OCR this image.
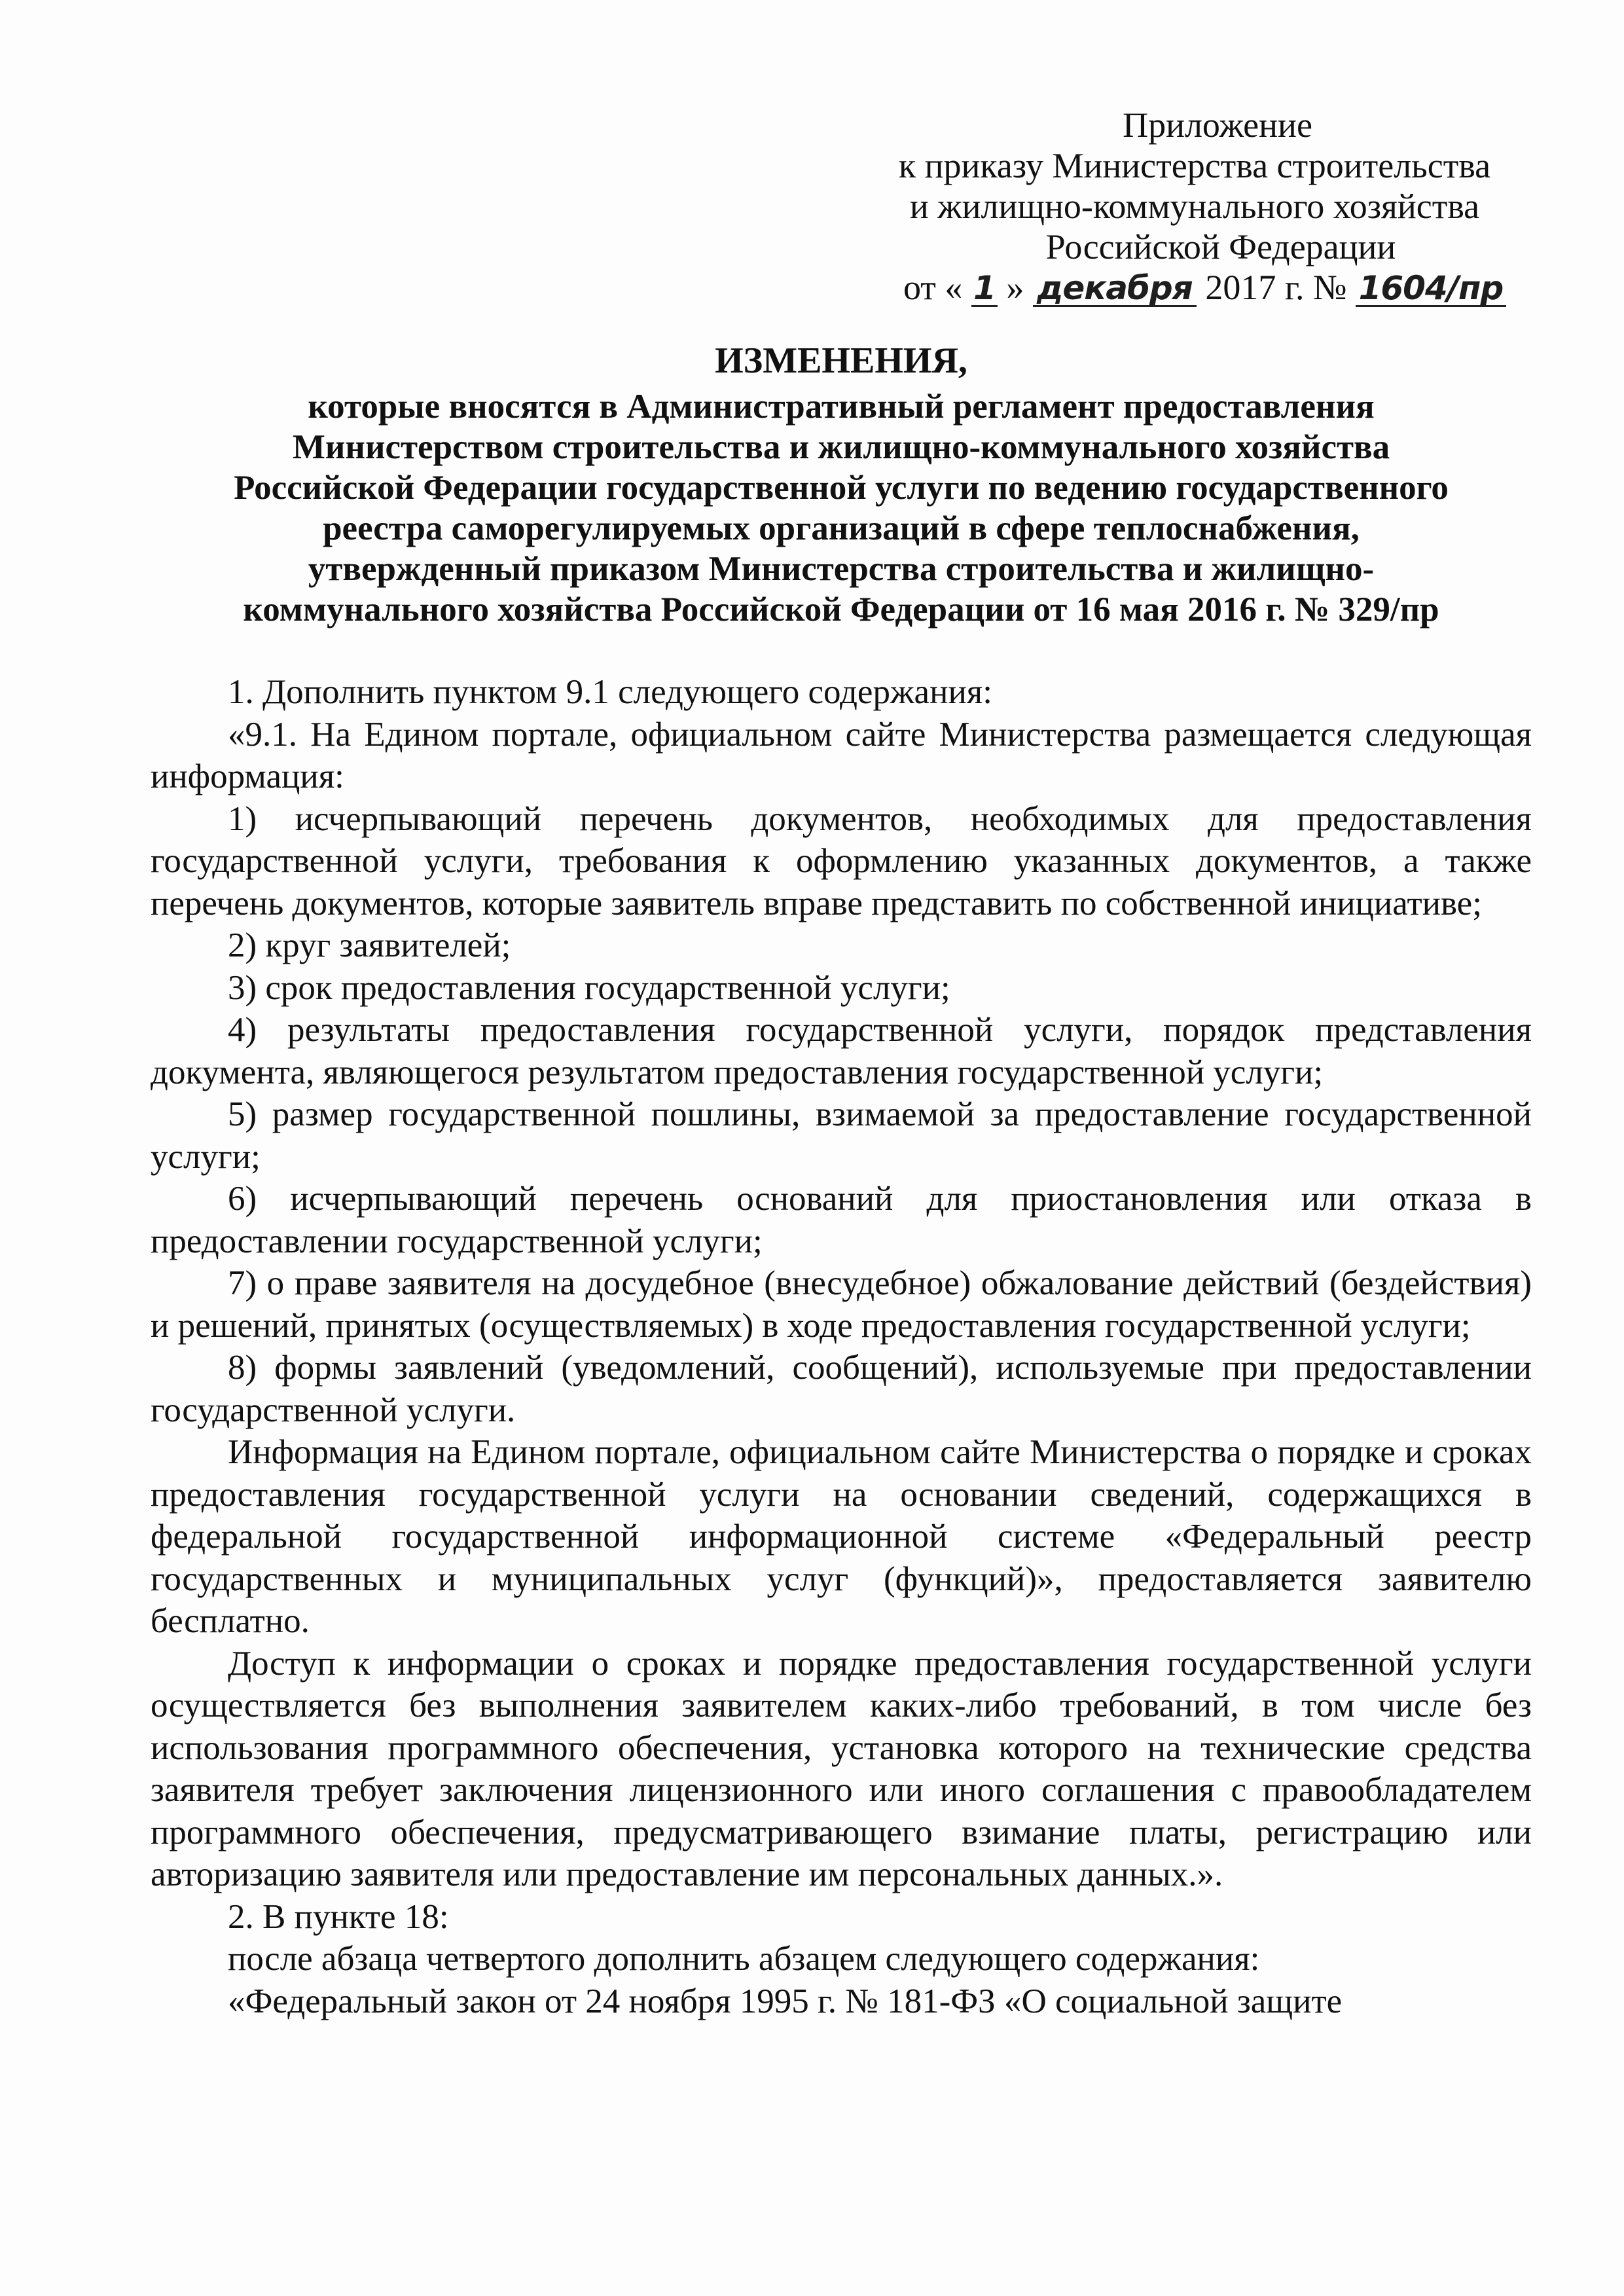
Приложение
к приказу Министерства строительства
и жилищно-коммунального хозяйства
Российской Федерации
от « 1 » декабря 2017 г. № 1604/пр
ИЗМЕНЕНИЯ,
которые вносятся в Административный регламент предоставления
Министерством строительства и жилищно-коммунального хозяйства
Российской Федерации государственной услуги по ведению государственного
реестра саморегулируемых организаций в сфере теплоснабжения,
утвержденный приказом Министерства строительства и жилищно-
коммунального хозяйства Российской Федерации от 16 мая 2016 г. № 329/пр

1. Дополнить пунктом 9.1 следующего содержания:

«9.1. На Едином портале, официальном сайте Министерства размещается следующая информация:

1) исчерпывающий перечень документов, необходимых для предоставления государственной услуги, требования к оформлению указанных документов, а также перечень документов, которые заявитель вправе представить по собственной инициативе;

2) круг заявителей;

3) срок предоставления государственной услуги;

4) результаты предоставления государственной услуги, порядок представления документа, являющегося результатом предоставления государственной услуги;

5) размер государственной пошлины, взимаемой за предоставление государственной услуги;

6) исчерпывающий перечень оснований для приостановления или отказа в предоставлении государственной услуги;

7) о праве заявителя на досудебное (внесудебное) обжалование действий (бездействия) и решений, принятых (осуществляемых) в ходе предоставления государственной услуги;

8) формы заявлений (уведомлений, сообщений), используемые при предоставлении государственной услуги.

Информация на Едином портале, официальном сайте Министерства о порядке и сроках предоставления государственной услуги на основании сведений, содержащихся в федеральной государственной информационной системе «Федеральный реестр государственных и муниципальных услуг (функций)», предоставляется заявителю бесплатно.

Доступ к информации о сроках и порядке предоставления государственной услуги осуществляется без выполнения заявителем каких-либо требований, в том числе без использования программного обеспечения, установка которого на технические средства заявителя требует заключения лицензионного или иного соглашения с правообладателем программного обеспечения, предусматривающего взимание платы, регистрацию или авторизацию заявителя или предоставление им персональных данных.».

2. В пункте 18:

после абзаца четвертого дополнить абзацем следующего содержания:

«Федеральный закон от 24 ноября 1995 г. № 181-ФЗ «О социальной защите
